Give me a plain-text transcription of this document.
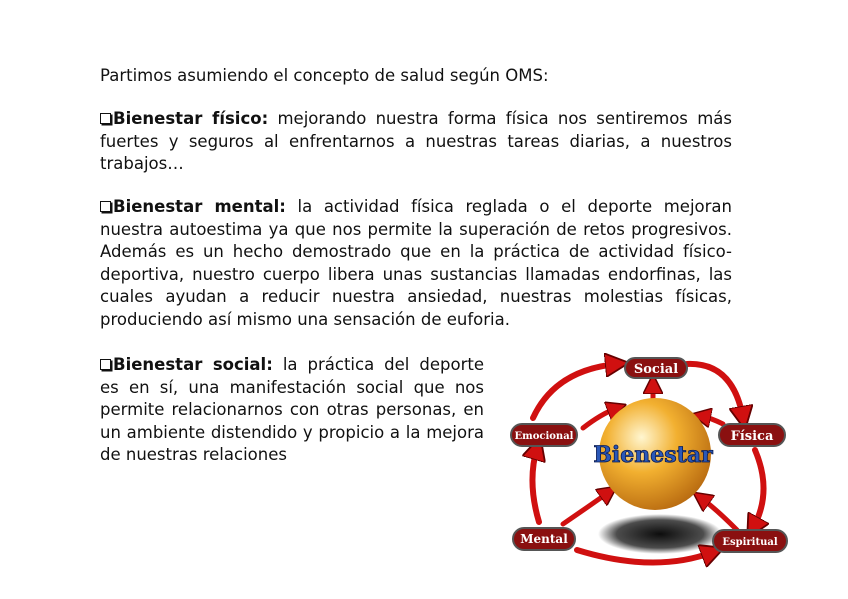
Partimos asumiendo el concepto de salud según OMS:
Bienestar físico: mejorando nuestra forma física nos sentiremos más fuertes y seguros al enfrentarnos a nuestras tareas diarias, a nuestros trabajos…
Bienestar mental: la actividad física reglada o el deporte mejoran nuestra autoestima ya que nos permite la superación de retos progresivos. Además es un hecho demostrado que en la práctica de actividad físico-deportiva, nuestro cuerpo libera unas sustancias llamadas endorfinas, las cuales ayudan a reducir nuestra ansiedad, nuestras molestias físicas, produciendo así mismo una sensación de euforia.
Bienestar social: la práctica del deporte es en sí, una manifestación social que nos permite relacionarnos con otras personas, en un ambiente distendido y propicio a la mejora de nuestras relaciones	Bienestar
Social
Física
Emocional
Mental	Espiritual
